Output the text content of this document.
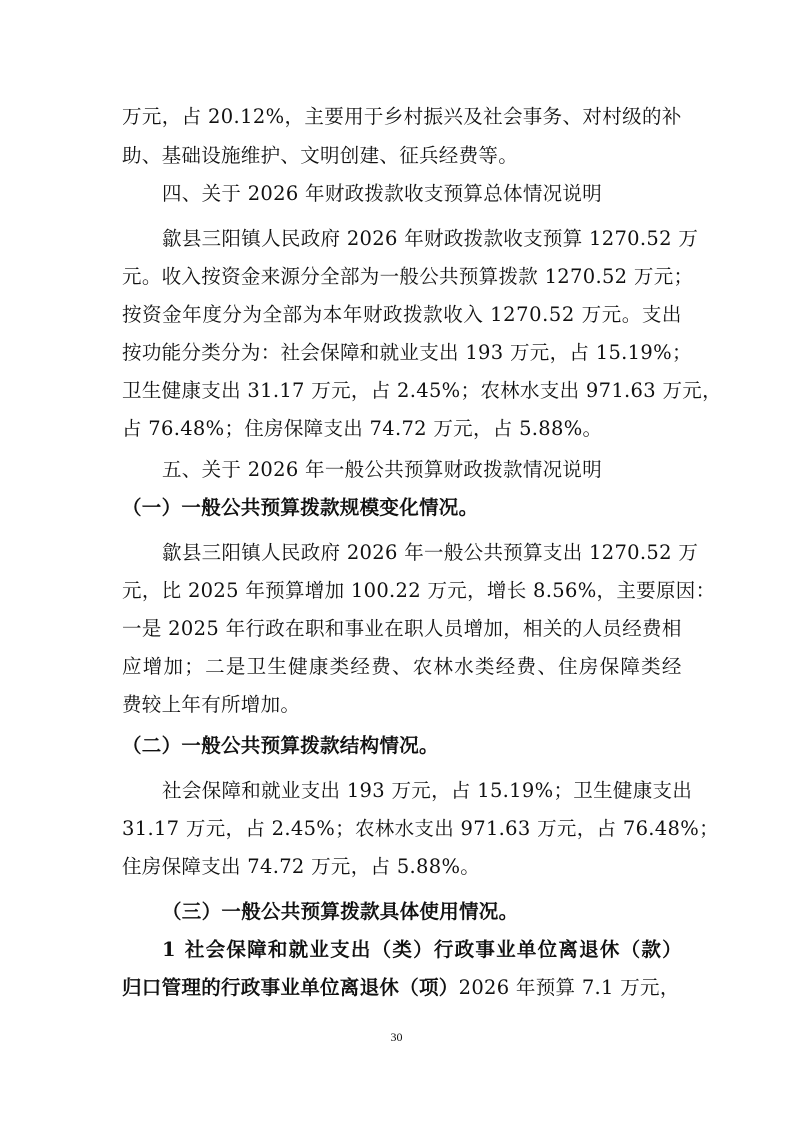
万 元 ， 占
2 0 . 1 2 % ， 主 要 用 于 乡 村 振 兴 及 社 会 事 务 、 对 村 级 的 补
助、基础设施维护、文明创建、征兵经费等。
四、关于 2026 年财政拨款收支预算总体情况说明
歙 县 三 阳 镇 人 民 政 府
2 0 2 6
年 财 政 拨 款 收 支 预 算
1 2 7 0 . 5 2
万
元 。 收 入 按 资 金 来 源 分 全 部 为 一 般 公 共 预 算 拨 款
1 2 7 0 . 5 2
万 元 ；
按 资 金 年 度 分 为 全 部 为 本 年 财 政 拨 款 收 入
1 2 7 0 . 5 2
万 元 。 支 出
按 功 能 分 类 分 为 ： 社 会 保 障 和 就 业 支 出
1 9 3
万 元 ， 占
1 5 . 1 9 % ；
卫 生 健 康 支 出
3 1 . 1 7
万 元 ， 占
2 . 4 5 % ； 农 林 水 支 出
9 7 1 . 6 3
万 元 ，
占 76.48%；住房保障支出 74.72 万元，占 5.88%。
五、关于 2026 年一般公共预算财政拨款情况说明
（一）一般公共预算拨款规模变化情况。
歙 县 三 阳 镇 人 民 政 府
2 0 2 6
年 一 般 公 共 预 算 支 出
1 2 7 0 . 5 2
万
元 ， 比
2 0 2 5
年 预 算 增 加
1 0 0 . 2 2
万 元 ， 增 长
8 . 5 6 % ， 主 要 原 因 ：
一 是
2 0 2 5
年 行 政 在 职 和 事 业 在 职 人 员 增 加 ， 相 关 的 人 员 经 费 相
应 增 加 ； 二 是 卫 生 健 康 类 经 费 、 农 林 水 类 经 费 、 住 房 保 障 类 经
费较上年有所增加。
（二）一般公共预算拨款结构情况。
社 会 保 障 和 就 业 支 出
1 9 3
万 元 ， 占
1 5 . 1 9 % ； 卫 生 健 康 支 出
3 1 . 1 7
万 元 ， 占
2 . 4 5 % ； 农 林 水 支 出
9 7 1 . 6 3
万 元 ， 占
7 6 . 4 8 % ；
住房保障支出 74.72 万元，占 5.88%。
（三）一般公共预算拨款具体使用情况。
1
社 会 保 障 和 就 业 支 出 （ 类 ） 行 政 事 业 单 位 离 退 休 （ 款 ）
归口管理的行政事业单位离退休（项）2026 年预算 7.1 万元，
30
